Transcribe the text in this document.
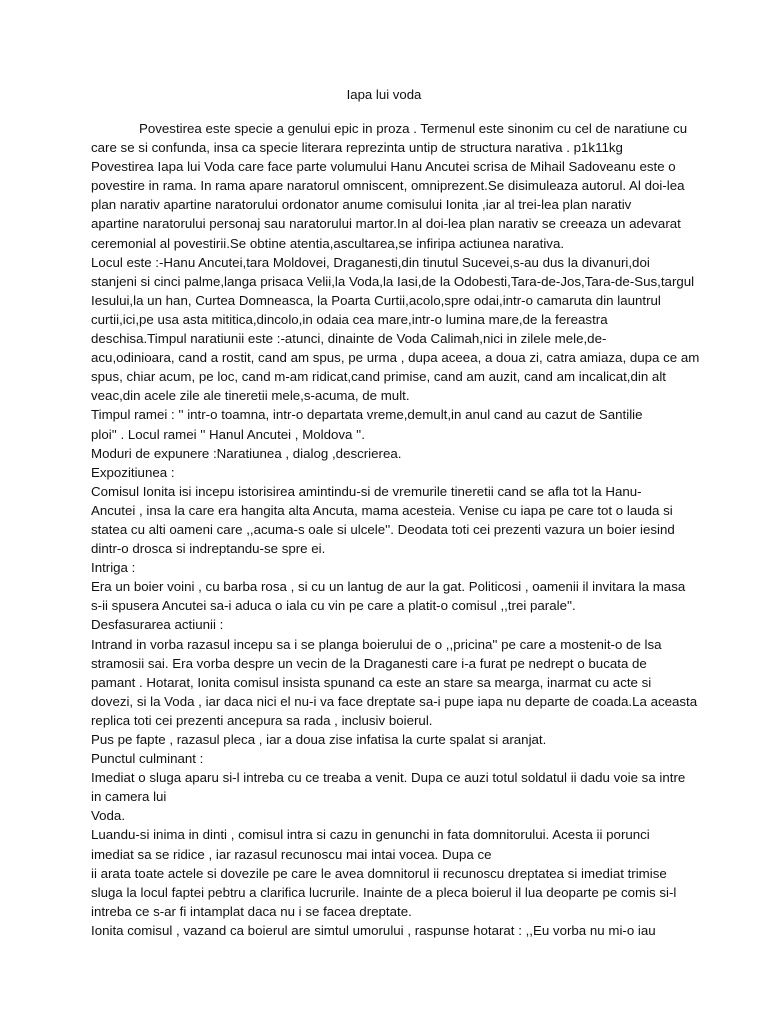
Iapa lui voda
Povestirea este specie a genului epic in proza . Termenul este sinonim cu cel de naratiune cu
care se si confunda, insa ca specie literara reprezinta untip de structura narativa . p1k11kg
Povestirea Iapa lui Voda care face parte volumului Hanu Ancutei scrisa de Mihail Sadoveanu este o
povestire in rama. In rama apare naratorul omniscent, omniprezent.Se disimuleaza autorul. Al doi-lea
plan narativ apartine naratorului ordonator anume comisului Ionita ,iar al trei-lea plan narativ
apartine naratorului personaj sau naratorului martor.In al doi-lea plan narativ se creeaza un adevarat
ceremonial al povestirii.Se obtine atentia,ascultarea,se infiripa actiunea narativa.
Locul este :-Hanu Ancutei,tara Moldovei, Draganesti,din tinutul Sucevei,s-au dus la divanuri,doi
stanjeni si cinci palme,langa prisaca Velii,la Voda,la Iasi,de la Odobesti,Tara-de-Jos,Tara-de-Sus,targul
Iesului,la un han, Curtea Domneasca, la Poarta Curtii,acolo,spre odai,intr-o camaruta din launtrul
curtii,ici,pe usa asta mititica,dincolo,in odaia cea mare,intr-o lumina mare,de la fereastra
deschisa.Timpul naratiunii este :-atunci, dinainte de Voda Calimah,nici in zilele mele,de-
acu,odinioara, cand a rostit, cand am spus, pe urma , dupa aceea, a doua zi, catra amiaza, dupa ce am
spus, chiar acum, pe loc, cand m-am ridicat,cand primise, cand am auzit, cand am incalicat,din alt
veac,din acele zile ale tineretii mele,s-acuma, de mult.
Timpul ramei : '' intr-o toamna, intr-o departata vreme,demult,in anul cand au cazut de Santilie
ploi'' . Locul ramei '' Hanul Ancutei , Moldova ''.
Moduri de expunere :Naratiunea , dialog ,descrierea.
Expozitiunea :
Comisul Ionita isi incepu istorisirea amintindu-si de vremurile tineretii cand se afla tot la Hanu-
Ancutei , insa la care era hangita alta Ancuta, mama acesteia. Venise cu iapa pe care tot o lauda si
statea cu alti oameni care ,,acuma-s oale si ulcele''. Deodata toti cei prezenti vazura un boier iesind
dintr-o drosca si indreptandu-se spre ei.
Intriga :
Era un boier voini , cu barba rosa , si cu un lantug de aur la gat. Politicosi , oamenii il invitara la masa
s-ii spusera Ancutei sa-i aduca o iala cu vin pe care a platit-o comisul ,,trei parale''.
Desfasurarea actiunii :
Intrand in vorba razasul incepu sa i se planga boierului de o ,,pricina'' pe care a mostenit-o de lsa
stramosii sai. Era vorba despre un vecin de la Draganesti care i-a furat pe nedrept o bucata de
pamant . Hotarat, Ionita comisul insista spunand ca este an stare sa mearga, inarmat cu acte si
dovezi, si la Voda , iar daca nici el nu-i va face dreptate sa-i pupe iapa nu departe de coada.La aceasta
replica toti cei prezenti ancepura sa rada , inclusiv boierul.
Pus pe fapte , razasul pleca , iar a doua zise infatisa la curte spalat si aranjat.
Punctul culminant :
Imediat o sluga aparu si-l intreba cu ce treaba a venit. Dupa ce auzi totul soldatul ii dadu voie sa intre
in camera lui
Voda.
Luandu-si inima in dinti , comisul intra si cazu in genunchi in fata domnitorului. Acesta ii porunci
imediat sa se ridice , iar razasul recunoscu mai intai vocea. Dupa ce
ii arata toate actele si dovezile pe care le avea domnitorul ii recunoscu dreptatea si imediat trimise
sluga la locul faptei pebtru a clarifica lucrurile. Inainte de a pleca boierul il lua deoparte pe comis si-l
intreba ce s-ar fi intamplat daca nu i se facea dreptate.
Ionita comisul , vazand ca boierul are simtul umorului , raspunse hotarat : ,,Eu vorba nu mi-o iau
